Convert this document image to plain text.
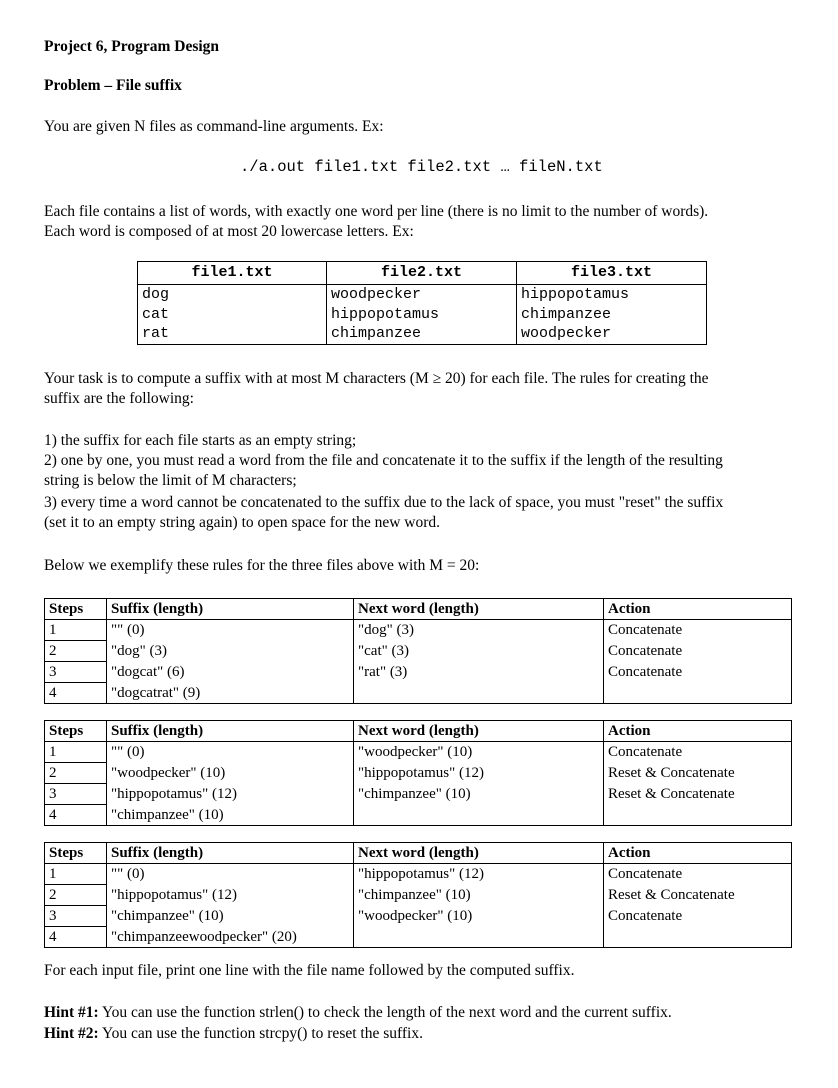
Project 6, Program Design
Problem – File suffix
You are given N files as command-line arguments. Ex:
./a.out file1.txt file2.txt … fileN.txt
Each file contains a list of words, with exactly one word per line (there is no limit to the number of words).
Each word is composed of at most 20 lowercase letters. Ex:
file1.txt	file2.txt	file3.txt
dog	woodpecker	hippopotamus
cat	hippopotamus	chimpanzee
rat	chimpanzee	woodpecker
Your task is to compute a suffix with at most M characters (M ≥ 20) for each file. The rules for creating the
suffix are the following:
1) the suffix for each file starts as an empty string;
2) one by one, you must read a word from the file and concatenate it to the suffix if the length of the resulting
string is below the limit of M characters;
3) every time a word cannot be concatenated to the suffix due to the lack of space, you must "reset" the suffix
(set it to an empty string again) to open space for the new word.
Below we exemplify these rules for the three files above with M = 20:
Steps	Suffix (length)	Next word (length)	Action
1	"" (0)	"dog" (3)	Concatenate
2	"dog" (3)	"cat" (3)	Concatenate
3	"dogcat" (6)	"rat" (3)	Concatenate
4	"dogcatrat" (9)		
Steps	Suffix (length)	Next word (length)	Action
1	"" (0)	"woodpecker" (10)	Concatenate
2	"woodpecker" (10)	"hippopotamus" (12)	Reset & Concatenate
3	"hippopotamus" (12)	"chimpanzee" (10)	Reset & Concatenate
4	"chimpanzee" (10)		
Steps	Suffix (length)	Next word (length)	Action
1	"" (0)	"hippopotamus" (12)	Concatenate
2	"hippopotamus" (12)	"chimpanzee" (10)	Reset & Concatenate
3	"chimpanzee" (10)	"woodpecker" (10)	Concatenate
4	"chimpanzeewoodpecker" (20)		
For each input file, print one line with the file name followed by the computed suffix.
Hint #1: You can use the function strlen() to check the length of the next word and the current suffix.
Hint #2: You can use the function strcpy() to reset the suffix.
